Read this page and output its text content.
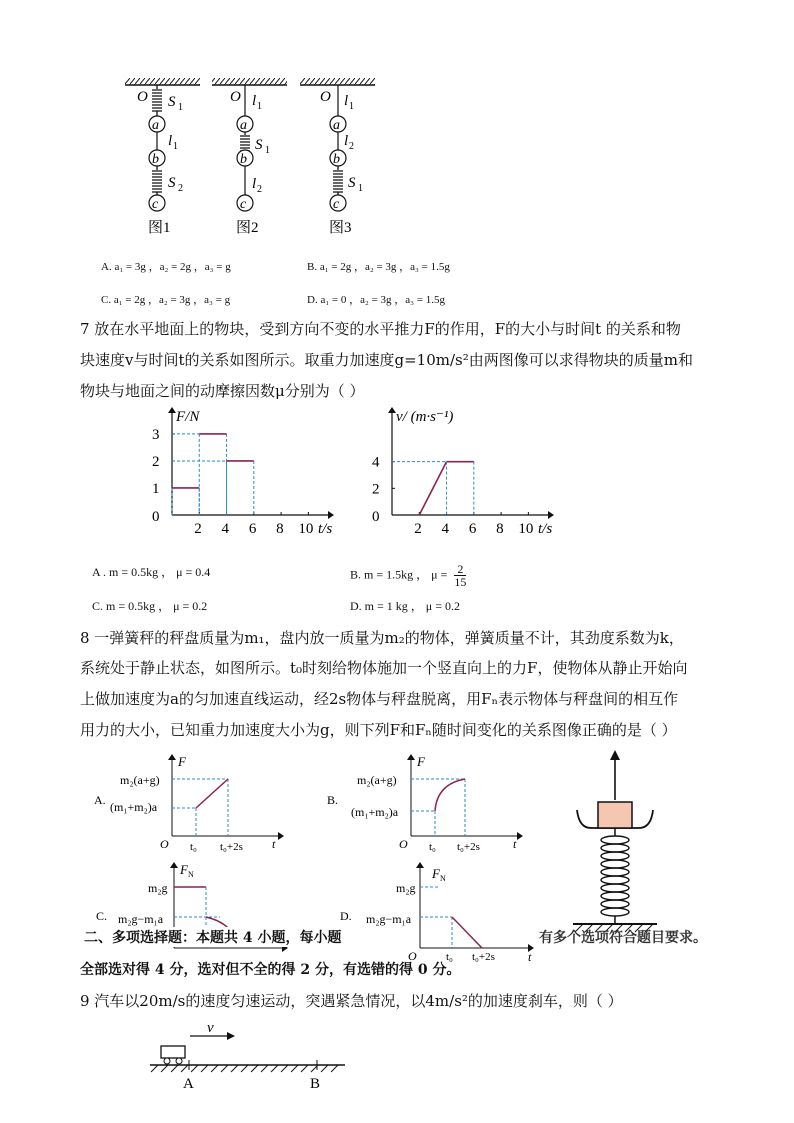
O S 1
a
l 1
b
S 2
c
图1
O l 1
a
S 1
b
l 2
c
图2
O l 1
a
l 2
b
S 1
c
图3
A. a₁ = 3g ，a₂ = 2g ，a₃ = g	B. a₁ = 2g ，a₂ = 3g ，a₃ = 1.5g
C. a₁ = 2g ，a₂ = 3g ，a₃ = g	D. a₁ = 0 ，a₂ = 3g ，a₃ = 1.5g
7 放在水平地面上的物块，受到方向不变的水平推力F的作用，F的大小与时间t 的关系和物
块速度v与时间t的关系如图所示。取重力加速度g=10m/s²由两图像可以求得物块的质量m和
物块与地面之间的动摩擦因数μ分别为（ ）
F/N
t/s
2 4 6 8 10
0
1
2
3
v/ (m·s⁻¹)
t/s
2 4 6 8 10
0
2
4
A . m = 0.5kg ， μ = 0.4	B. m = 1.5kg ， $\mu = \frac{2}{15}$
C. m = 0.5kg ， μ = 0.2	D. m = 1 kg ， μ = 0.2
8 一弹簧秤的秤盘质量为m₁，盘内放一质量为m₂的物体，弹簧质量不计，其劲度系数为k，
系统处于静止状态，如图所示。t₀时刻给物体施加一个竖直向上的力F，使物体从静止开始向
上做加速度为a的匀加速直线运动，经2s物体与秤盘脱离，用Fₙ表示物体与秤盘间的相互作
用力的大小，已知重力加速度大小为g，则下列F和Fₙ随时间变化的关系图像正确的是（ ）
A.
F
m₂(a+g)
(m₁+m₂)a
O t₀ t₀+2s t
B.
F
m₂(a+g)
(m₁+m₂)a
O t₀ t₀+2s	t
C.
F N
m₂g
m₂g−m₁a	D.
F N
m₂g
m₂g−m₁a
O	t₀ t₀+2s	t
二、多项选择题：本题共 4 小题，每小题	有多个选项符合题目要求。
全部选对得 4 分，选对但不全的得 2 分，有选错的得 0 分。
9 汽车以20m/s的速度匀速运动，突遇紧急情况，以4m/s²的加速度刹车，则（ ）
v
A	B
